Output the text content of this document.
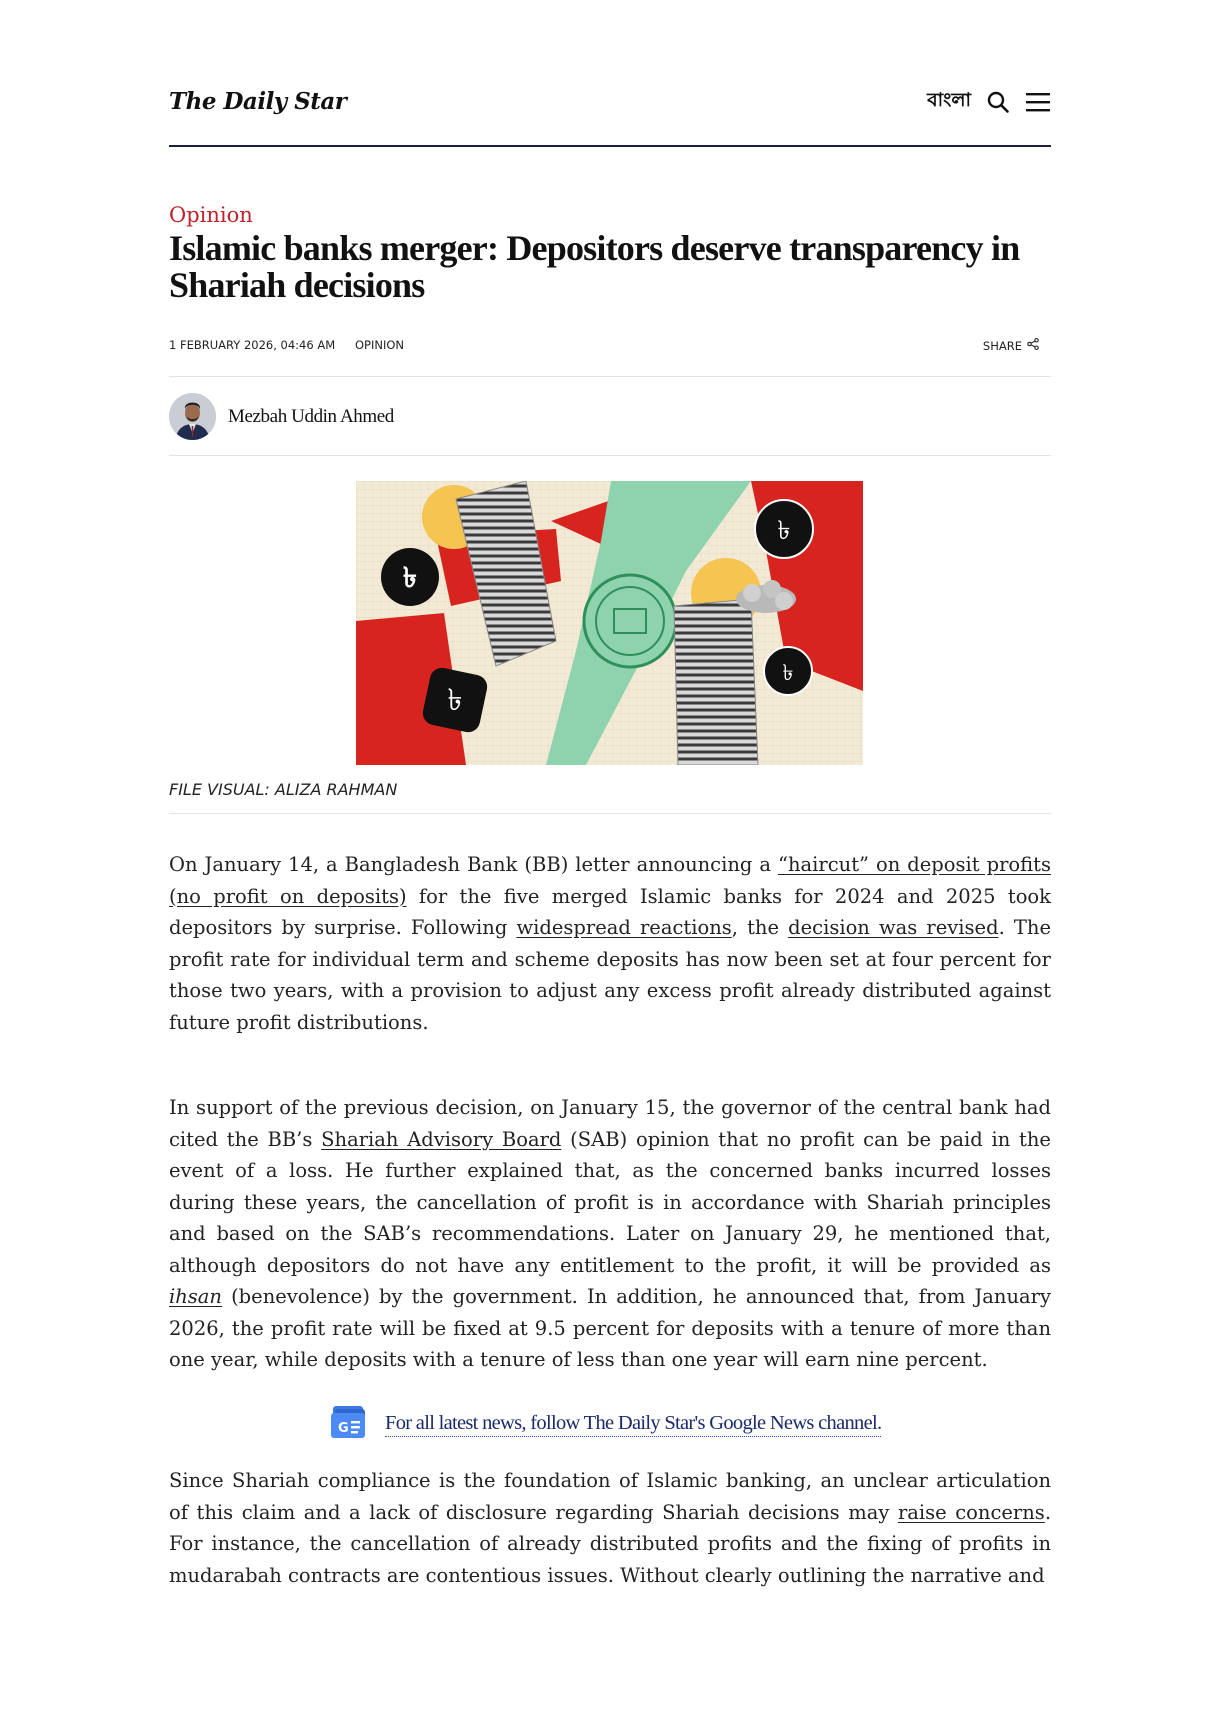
The Daily Star	বাংলা
Opinion
Islamic banks merger: Depositors deserve transparency in Shariah decisions
1 FEBRUARY 2026, 04:46 AM OPINION	SHARE
Mezbah Uddin Ahmed
৳
৳
৳
৳
FILE VISUAL: ALIZA RAHMAN

On January 14, a Bangladesh Bank (BB) letter announcing a “haircut” on deposit profits (no profit on deposits) for the five merged Islamic banks for 2024 and 2025 took depositors by surprise. Following widespread reactions, the decision was revised. The profit rate for individual term and scheme deposits has now been set at four percent for those two years, with a provision to adjust any excess profit already distributed against future profit distributions.

In support of the previous decision, on January 15, the governor of the central bank had cited the BB’s Shariah Advisory Board (SAB) opinion that no profit can be paid in the event of a loss. He further explained that, as the concerned banks incurred losses during these years, the cancellation of profit is in accordance with Shariah principles and based on the SAB’s recommendations. Later on January 29, he mentioned that, although depositors do not have any entitlement to the profit, it will be provided as ihsan (benevolence) by the government. In addition, he announced that, from January 2026, the profit rate will be fixed at 9.5 percent for deposits with a tenure of more than one year, while deposits with a tenure of less than one year will earn nine percent.

G For all latest news, follow The Daily Star's Google News channel.

Since Shariah compliance is the foundation of Islamic banking, an unclear articulation of this claim and a lack of disclosure regarding Shariah decisions may raise concerns. For instance, the cancellation of already distributed profits and the fixing of profits in mudarabah contracts are contentious issues. Without clearly outlining the narrative and
